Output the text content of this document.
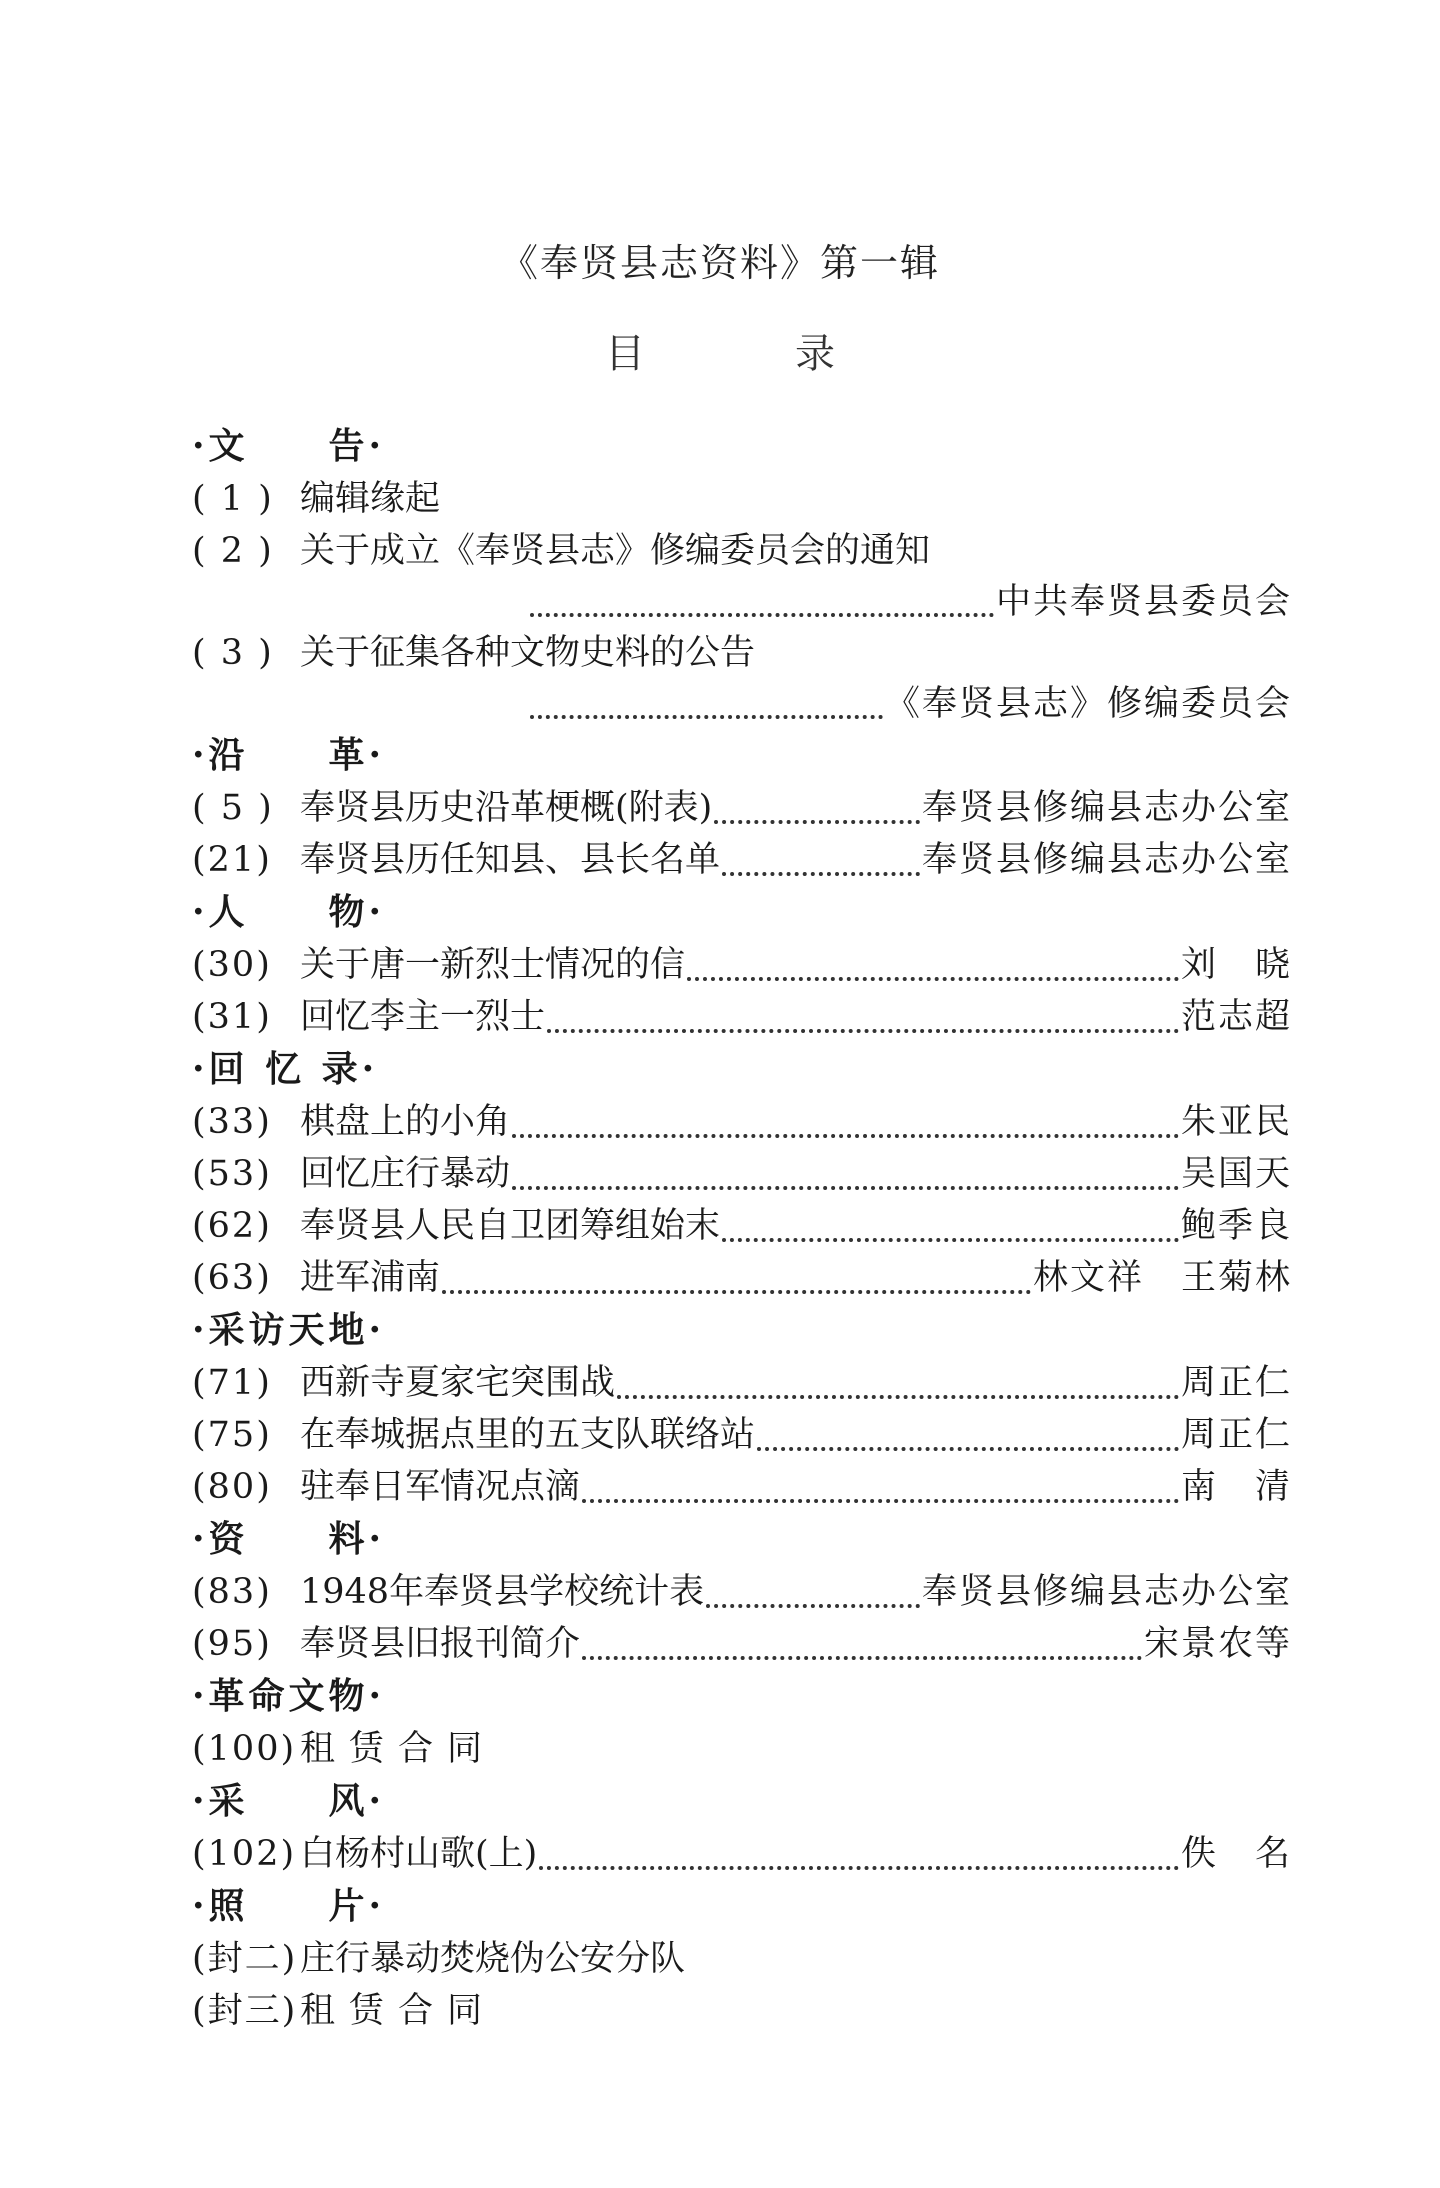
《奉贤县志资料》第一辑
目录
·文　　告·
( 1 ) 编辑缘起
( 2 ) 关于成立《奉贤县志》修编委员会的通知
中共奉贤县委员会
( 3 ) 关于征集各种文物史料的公告
《奉贤县志》修编委员会
·沿　　革·
( 5 ) 奉贤县历史沿革梗概(附表)	奉贤县修编县志办公室
(21) 奉贤县历任知县、县长名单	奉贤县修编县志办公室
·人　　物·
(30) 关于唐一新烈士情况的信	刘　晓
(31) 回忆李主一烈士	范志超
·回 忆 录·
(33) 棋盘上的小角	朱亚民
(53) 回忆庄行暴动	吴国天
(62) 奉贤县人民自卫团筹组始末	鲍季良
(63) 进军浦南	林文祥　王菊林
·采访天地·
(71) 西新寺夏家宅突围战	周正仁
(75) 在奉城据点里的五支队联络站	周正仁
(80) 驻奉日军情况点滴	南　清
·资　　料·
(83) 1948年奉贤县学校统计表	奉贤县修编县志办公室
(95) 奉贤县旧报刊简介	宋景农等
·革命文物·
(100) 租赁合同
·采　　风·
(102) 白杨村山歌(上)	佚　名
·照　　片·
(封二) 庄行暴动焚烧伪公安分队
(封三) 租赁合同
